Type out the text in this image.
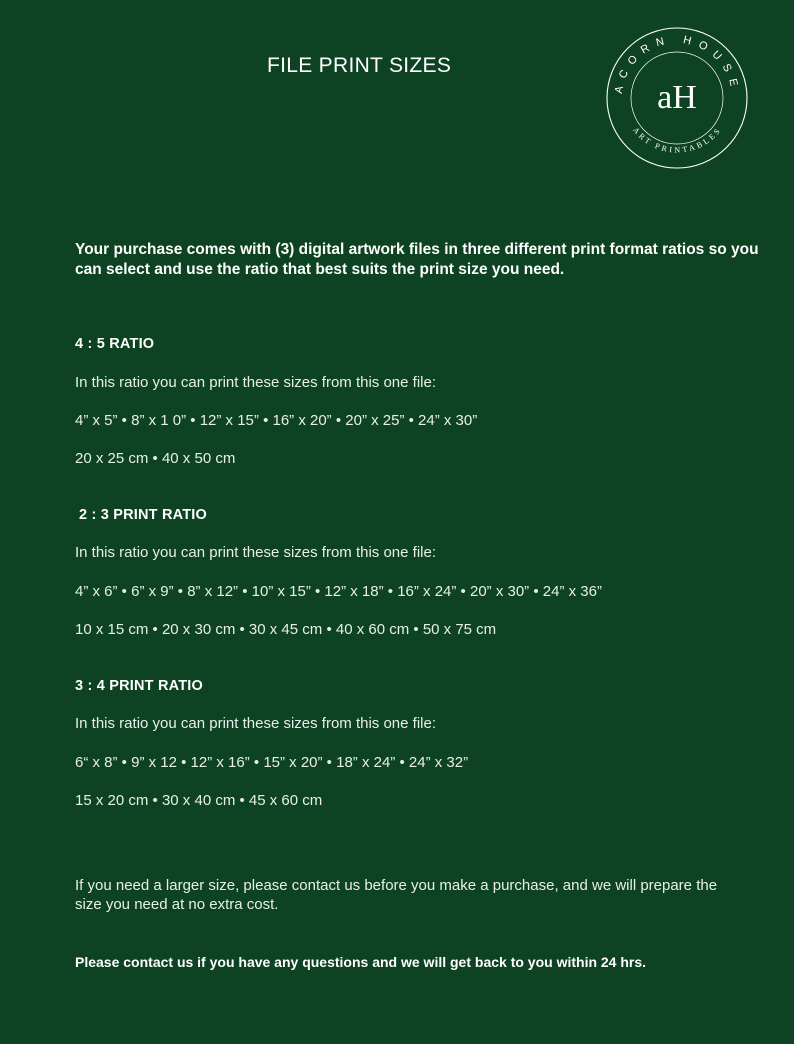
FILE PRINT SIZES
ACORN HOUSE
ART PRINTABLES
aH

Your purchase comes with (3) digital artwork files in three different print format ratios so you can select and use the ratio that best suits the print size you need.

4 : 5 RATIO

In this ratio you can print these sizes from this one file:

4” x 5” • 8” x 1 0” • 12” x 15” • 16” x 20” • 20” x 25” • 24” x 30”

20 x 25 cm • 40 x 50 cm

2 : 3 PRINT RATIO

In this ratio you can print these sizes from this one file:

4” x 6” • 6” x 9” • 8” x 12” • 10” x 15” • 12” x 18” • 16” x 24” • 20” x 30” • 24” x 36”

10 x 15 cm • 20 x 30 cm • 30 x 45 cm • 40 x 60 cm • 50 x 75 cm

3 : 4 PRINT RATIO

In this ratio you can print these sizes from this one file:

6“ x 8” • 9” x 12 • 12” x 16” • 15” x 20” • 18” x 24” • 24” x 32”

15 x 20 cm • 30 x 40 cm • 45 x 60 cm

If you need a larger size, please contact us before you make a purchase, and we will prepare the size you need at no extra cost.

Please contact us if you have any questions and we will get back to you within 24 hrs.
